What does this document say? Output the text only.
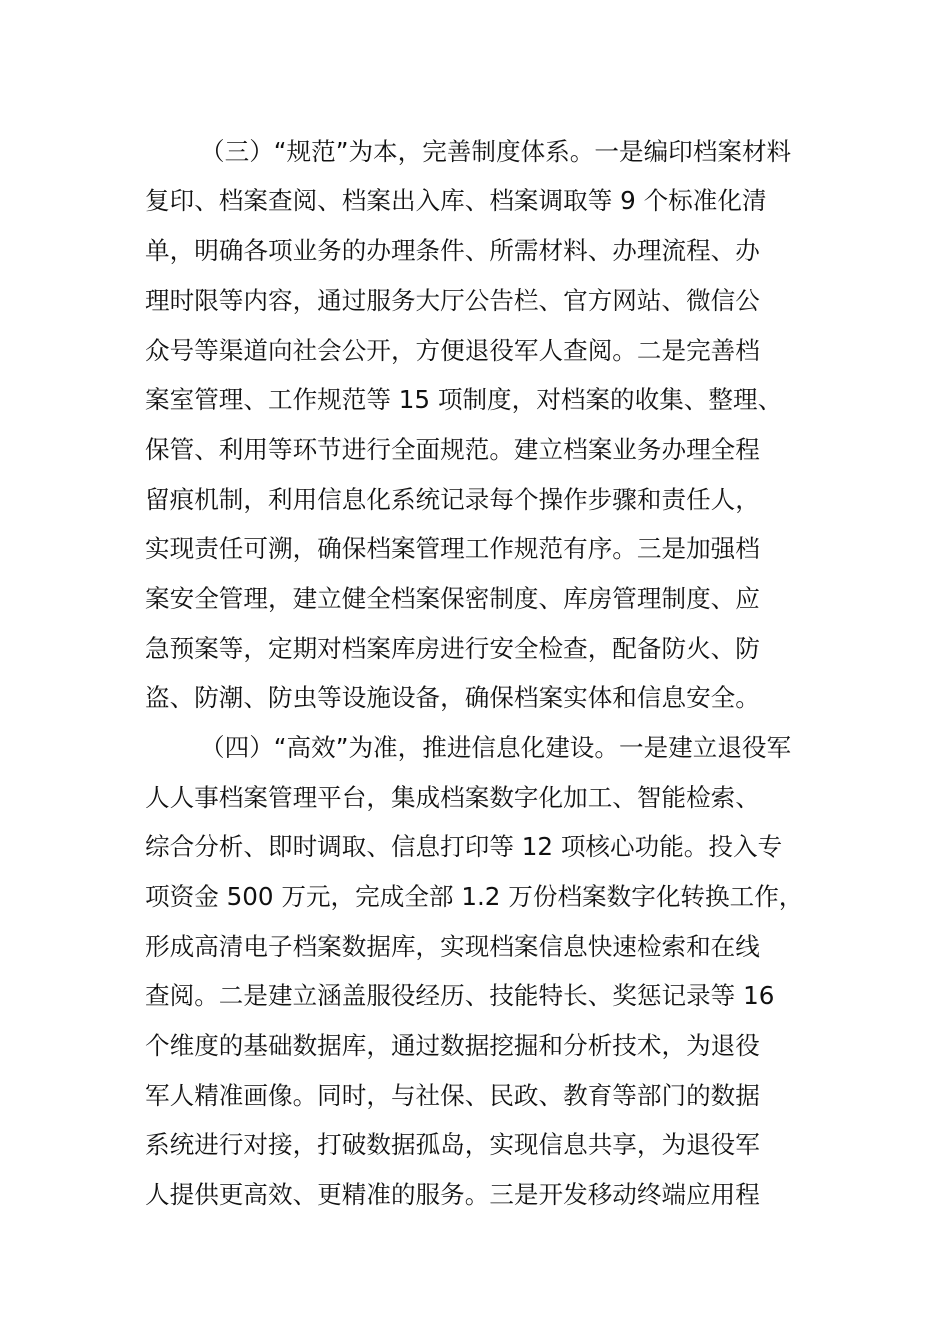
（三）“规范”为本，完善制度体系。一是编印档案材料
复印、档案查阅、档案出入库、档案调取等 9 个标准化清
单，明确各项业务的办理条件、所需材料、办理流程、办
理时限等内容，通过服务大厅公告栏、官方网站、微信公
众号等渠道向社会公开，方便退役军人查阅。二是完善档
案室管理、工作规范等 15 项制度，对档案的收集、整理、
保管、利用等环节进行全面规范。建立档案业务办理全程
留痕机制，利用信息化系统记录每个操作步骤和责任人，
实现责任可溯，确保档案管理工作规范有序。三是加强档
案安全管理，建立健全档案保密制度、库房管理制度、应
急预案等，定期对档案库房进行安全检查，配备防火、防
盗、防潮、防虫等设施设备，确保档案实体和信息安全。
（四）“高效”为准，推进信息化建设。一是建立退役军
人人事档案管理平台，集成档案数字化加工、智能检索、
综合分析、即时调取、信息打印等 12 项核心功能。投入专
项资金 500 万元，完成全部 1.2 万份档案数字化转换工作，
形成高清电子档案数据库，实现档案信息快速检索和在线
查阅。二是建立涵盖服役经历、技能特长、奖惩记录等 16
个维度的基础数据库，通过数据挖掘和分析技术，为退役
军人精准画像。同时，与社保、民政、教育等部门的数据
系统进行对接，打破数据孤岛，实现信息共享，为退役军
人提供更高效、更精准的服务。三是开发移动终端应用程
